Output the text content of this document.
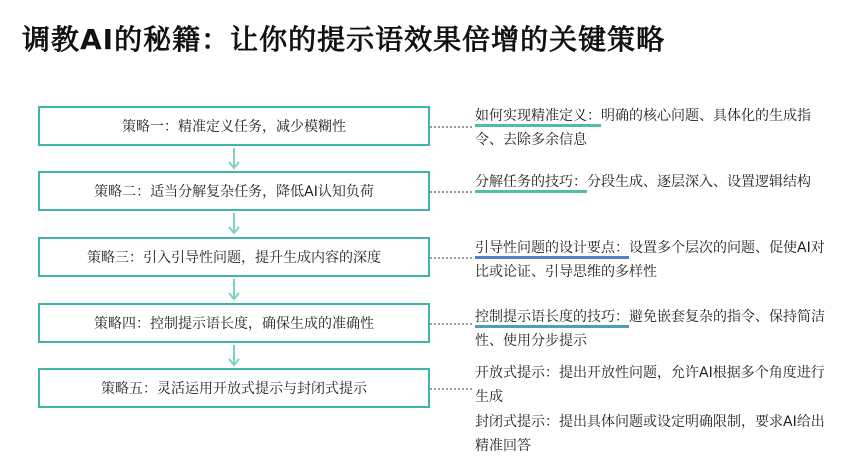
调教AI的秘籍：让你的提示语效果倍增的关键策略
策略一：精准定义任务，减少模糊性
策略二：适当分解复杂任务，降低AI认知负荷
策略三：引入引导性问题，提升生成内容的深度
策略四：控制提示语长度，确保生成的准确性
策略五：灵活运用开放式提示与封闭式提示
如何实现精准定义：明确的核心问题、具体化的生成指令、去除多余信息
分解任务的技巧：分段生成、逐层深入、设置逻辑结构
引导性问题的设计要点：设置多个层次的问题、促使AI对比或论证、引导思维的多样性
控制提示语长度的技巧：避免嵌套复杂的指令、保持简洁性、使用分步提示
开放式提示：提出开放性问题，允许AI根据多个角度进行生成
封闭式提示：提出具体问题或设定明确限制，要求AI给出精准回答
